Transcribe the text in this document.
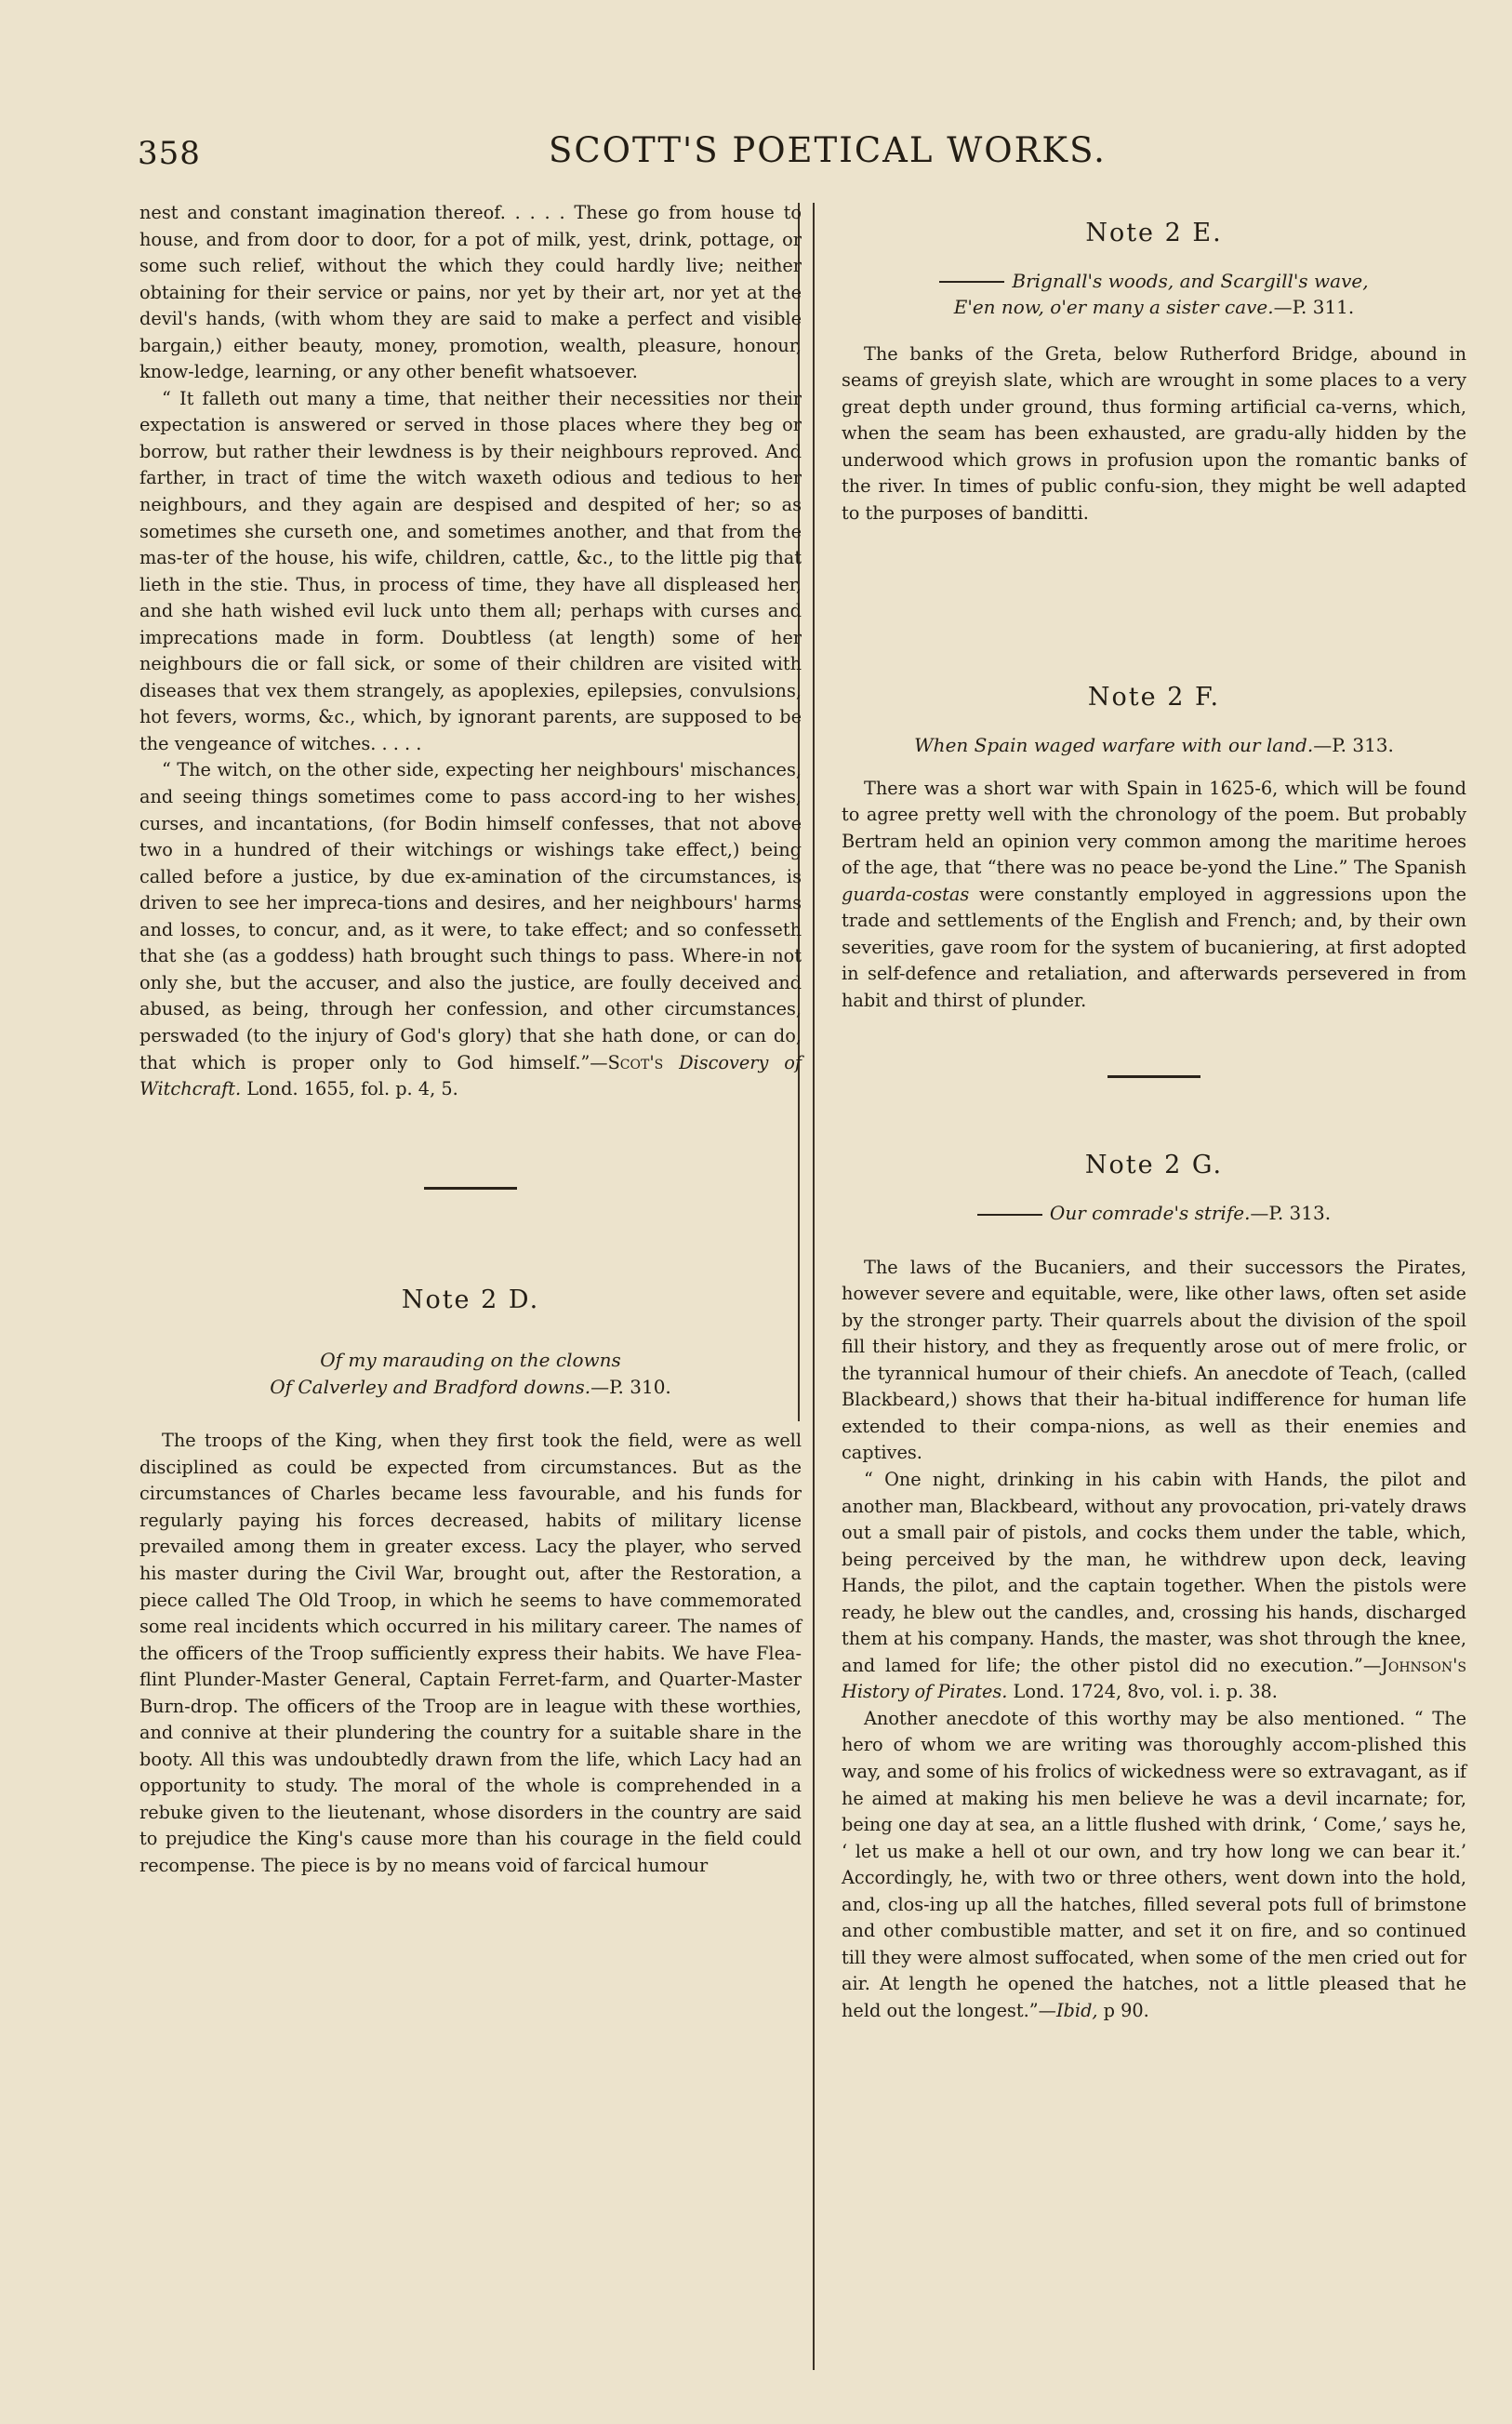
358	SCOTT'S POETICAL WORKS.

nest and constant imagination thereof. . . . . These go from house to house, and from door to door, for a pot of milk, yest, drink, pottage, or some such relief, without the which they could hardly live; neither obtaining for their service or pains, nor yet by their art, nor yet at the devil's hands, (with whom they are said to make a perfect and visible bargain,) either beauty, money, promotion, wealth, pleasure, honour, know-ledge, learning, or any other benefit whatsoever.

“ It falleth out many a time, that neither their necessities nor their expectation is answered or served in those places where they beg or borrow, but rather their lewdness is by their neighbours reproved. And farther, in tract of time the witch waxeth odious and tedious to her neighbours, and they again are despised and despited of her; so as sometimes she curseth one, and sometimes another, and that from the mas-ter of the house, his wife, children, cattle, &c., to the little pig that lieth in the stie. Thus, in process of time, they have all displeased her, and she hath wished evil luck unto them all; perhaps with curses and imprecations made in form. Doubtless (at length) some of her neighbours die or fall sick, or some of their children are visited with diseases that vex them strangely, as apoplexies, epilepsies, convulsions, hot fevers, worms, &c., which, by ignorant parents, are supposed to be the vengeance of witches. . . . .

“ The witch, on the other side, expecting her neighbours' mischances, and seeing things sometimes come to pass accord-ing to her wishes, curses, and incantations, (for Bodin himself confesses, that not above two in a hundred of their witchings or wishings take effect,) being called before a justice, by due ex-amination of the circumstances, is driven to see her impreca-tions and desires, and her neighbours' harms and losses, to concur, and, as it were, to take effect; and so confesseth that she (as a goddess) hath brought such things to pass. Where-in not only she, but the accuser, and also the justice, are foully deceived and abused, as being, through her confession, and other circumstances, perswaded (to the injury of God's glory) that she hath done, or can do, that which is proper only to God himself.”—Scot's Discovery of Witchcraft. Lond. 1655, fol. p. 4, 5.

Note 2 D.

Of my marauding on the clowns

Of Calverley and Bradford downs.—P. 310.

The troops of the King, when they first took the field, were as well disciplined as could be expected from circumstances. But as the circumstances of Charles became less favourable, and his funds for regularly paying his forces decreased, habits of military license prevailed among them in greater excess. Lacy the player, who served his master during the Civil War, brought out, after the Restoration, a piece called The Old Troop, in which he seems to have commemorated some real incidents which occurred in his military career. The names of the officers of the Troop sufficiently express their habits. We have Flea-flint Plunder-Master General, Captain Ferret-farm, and Quarter-Master Burn-drop. The officers of the Troop are in league with these worthies, and connive at their plundering the country for a suitable share in the booty. All this was undoubtedly drawn from the life, which Lacy had an opportunity to study. The moral of the whole is comprehended in a rebuke given to the lieutenant, whose disorders in the country are said to prejudice the King's cause more than his courage in the field could recompense. The piece is by no means void of farcical humour

Note 2 E.

Brignall's woods, and Scargill's wave,

E'en now, o'er many a sister cave.—P. 311.

The banks of the Greta, below Rutherford Bridge, abound in seams of greyish slate, which are wrought in some places to a very great depth under ground, thus forming artificial ca-verns, which, when the seam has been exhausted, are gradu-ally hidden by the underwood which grows in profusion upon the romantic banks of the river. In times of public confu-sion, they might be well adapted to the purposes of banditti.

Note 2 F.

When Spain waged warfare with our land.—P. 313.

There was a short war with Spain in 1625-6, which will be found to agree pretty well with the chronology of the poem. But probably Bertram held an opinion very common among the maritime heroes of the age, that “there was no peace be-yond the Line.” The Spanish guarda-costas were constantly employed in aggressions upon the trade and settlements of the English and French; and, by their own severities, gave room for the system of bucaniering, at first adopted in self-defence and retaliation, and afterwards persevered in from habit and thirst of plunder.

Note 2 G.

Our comrade's strife.—P. 313.

The laws of the Bucaniers, and their successors the Pirates, however severe and equitable, were, like other laws, often set aside by the stronger party. Their quarrels about the division of the spoil fill their history, and they as frequently arose out of mere frolic, or the tyrannical humour of their chiefs. An anecdote of Teach, (called Blackbeard,) shows that their ha-bitual indifference for human life extended to their compa-nions, as well as their enemies and captives.

“ One night, drinking in his cabin with Hands, the pilot and another man, Blackbeard, without any provocation, pri-vately draws out a small pair of pistols, and cocks them under the table, which, being perceived by the man, he withdrew upon deck, leaving Hands, the pilot, and the captain together. When the pistols were ready, he blew out the candles, and, crossing his hands, discharged them at his company. Hands, the master, was shot through the knee, and lamed for life; the other pistol did no execution.”—Johnson's History of Pirates. Lond. 1724, 8vo, vol. i. p. 38.

Another anecdote of this worthy may be also mentioned. “ The hero of whom we are writing was thoroughly accom-plished this way, and some of his frolics of wickedness were so extravagant, as if he aimed at making his men believe he was a devil incarnate; for, being one day at sea, an a little flushed with drink, ‘ Come,’ says he, ‘ let us make a hell ot our own, and try how long we can bear it.’ Accordingly, he, with two or three others, went down into the hold, and, clos-ing up all the hatches, filled several pots full of brimstone and other combustible matter, and set it on fire, and so continued till they were almost suffocated, when some of the men cried out for air. At length he opened the hatches, not a little pleased that he held out the longest.”—Ibid, p 90.
